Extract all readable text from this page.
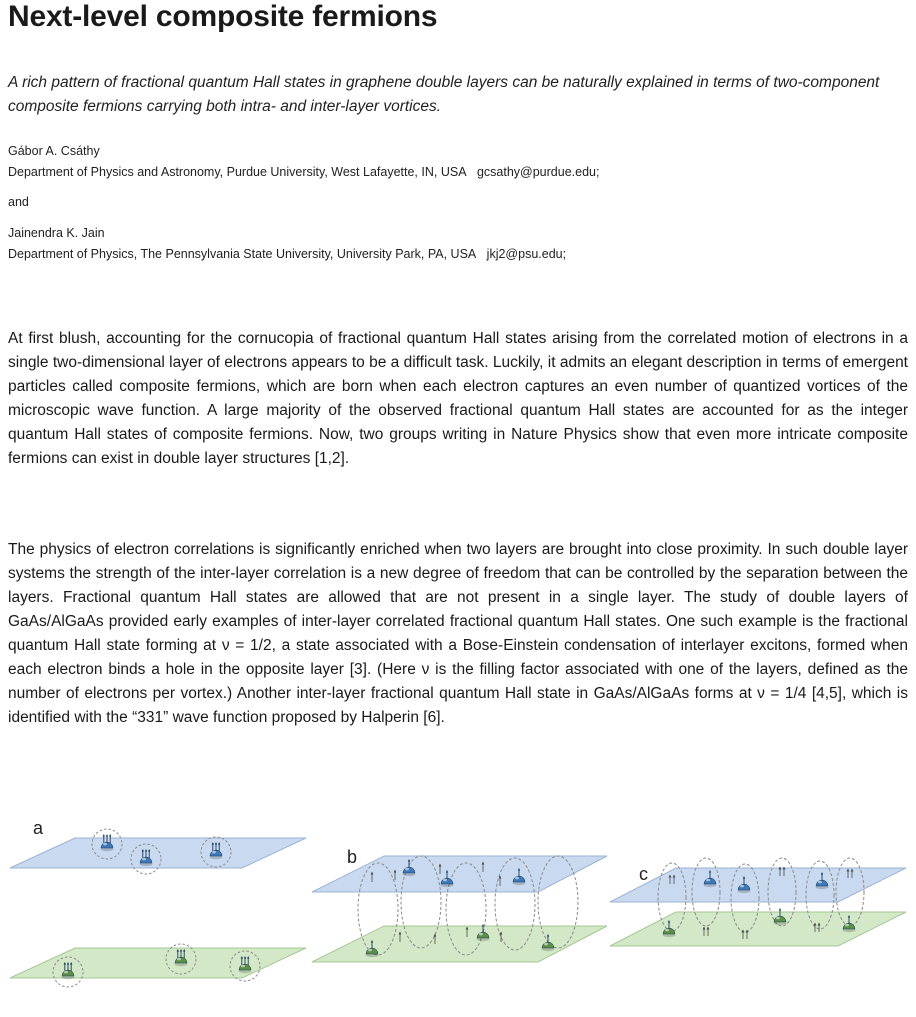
Next-level composite fermions
A rich pattern of fractional quantum Hall states in graphene double layers can be naturally explained in terms of two-component composite fermions carrying both intra- and inter-layer vortices.
Gábor A. Csáthy
Department of Physics and Astronomy, Purdue University, West Lafayette, IN, USA gcsathy@purdue.edu;
and
Jainendra K. Jain
Department of Physics, The Pennsylvania State University, University Park, PA, USA jkj2@psu.edu;
At first blush, accounting for the cornucopia of fractional quantum Hall states arising from the correlated motion of electrons in a single two-dimensional layer of electrons appears to be a difficult task. Luckily, it admits an elegant description in terms of emergent particles called composite fermions, which are born when each electron captures an even number of quantized vortices of the microscopic wave function. A large majority of the observed fractional quantum Hall states are accounted for as the integer quantum Hall states of composite fermions. Now, two groups writing in Nature Physics show that even more intricate composite fermions can exist in double layer structures [1,2].
The physics of electron correlations is significantly enriched when two layers are brought into close proximity. In such double layer systems the strength of the inter-layer correlation is a new degree of freedom that can be controlled by the separation between the layers. Fractional quantum Hall states are allowed that are not present in a single layer. The study of double layers of GaAs/AlGaAs provided early examples of inter-layer correlated fractional quantum Hall states. One such example is the fractional quantum Hall state forming at ν = 1/2, a state associated with a Bose-Einstein condensation of interlayer excitons, formed when each electron binds a hole in the opposite layer [3]. (Here ν is the filling factor associated with one of the layers, defined as the number of electrons per vortex.) Another inter-layer fractional quantum Hall state in GaAs/AlGaAs forms at ν = 1/4 [4,5], which is identified with the “331” wave function proposed by Halperin [6].
a
b
c
